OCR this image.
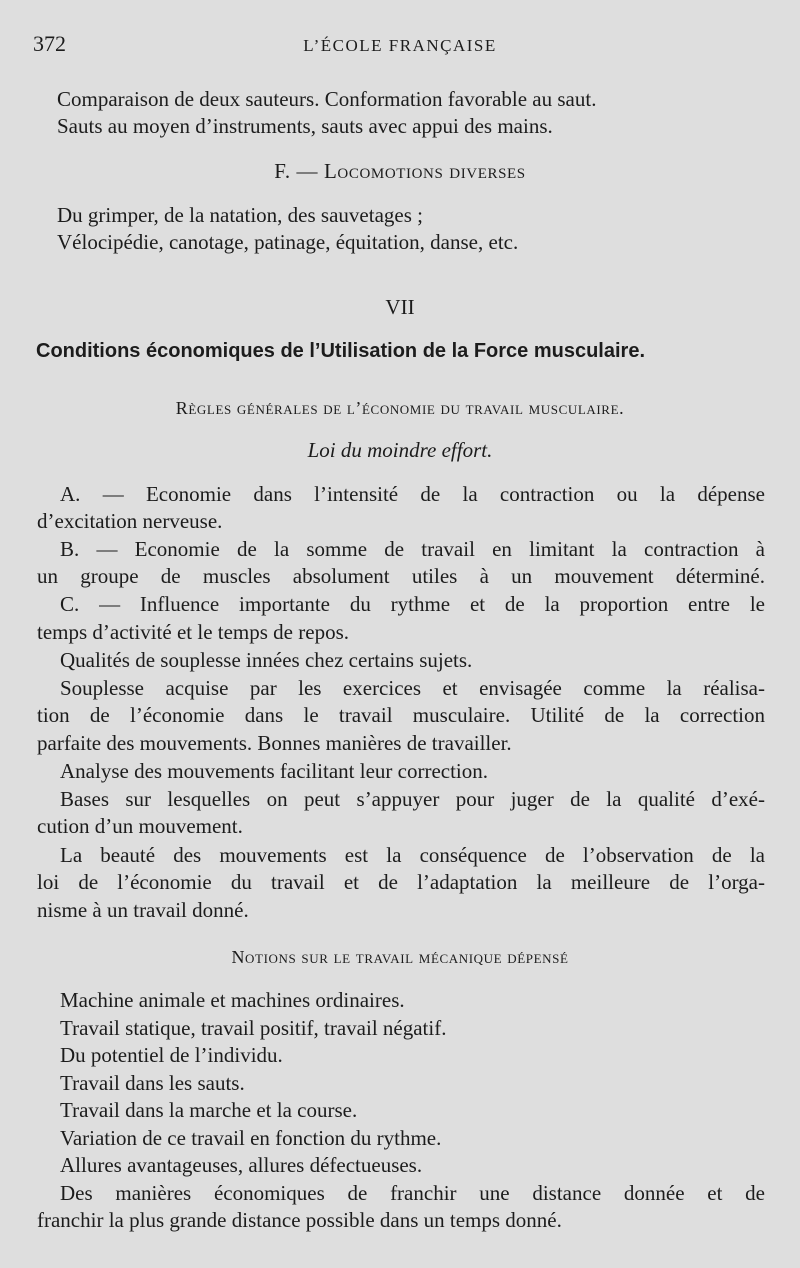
372	L’ÉCOLE FRANÇAISE
Comparaison de deux sauteurs. Conformation favorable au saut.
Sauts au moyen d’instruments, sauts avec appui des mains.
F. — Locomotions diverses
Du grimper, de la natation, des sauvetages ;
Vélocipédie, canotage, patinage, équitation, danse, etc.
VII
Conditions économiques de l’Utilisation de la Force musculaire.
Règles générales de l’économie du travail musculaire.
Loi du moindre effort.
A. — Economie dans l’intensité de la contraction ou la dépense
d’excitation nerveuse.
B. — Economie de la somme de travail en limitant la contraction à
un groupe de muscles absolument utiles à un mouvement déterminé.
C. — Influence importante du rythme et de la proportion entre le
temps d’activité et le temps de repos.
Qualités de souplesse innées chez certains sujets.
Souplesse acquise par les exercices et envisagée comme la réalisa-
tion de l’économie dans le travail musculaire. Utilité de la correction
parfaite des mouvements. Bonnes manières de travailler.
Analyse des mouvements facilitant leur correction.
Bases sur lesquelles on peut s’appuyer pour juger de la qualité d’exé-
cution d’un mouvement.
La beauté des mouvements est la conséquence de l’observation de la
loi de l’économie du travail et de l’adaptation la meilleure de l’orga-
nisme à un travail donné.
Notions sur le travail mécanique dépensé
Machine animale et machines ordinaires.
Travail statique, travail positif, travail négatif.
Du potentiel de l’individu.
Travail dans les sauts.
Travail dans la marche et la course.
Variation de ce travail en fonction du rythme.
Allures avantageuses, allures défectueuses.
Des manières économiques de franchir une distance donnée et de
franchir la plus grande distance possible dans un temps donné.
